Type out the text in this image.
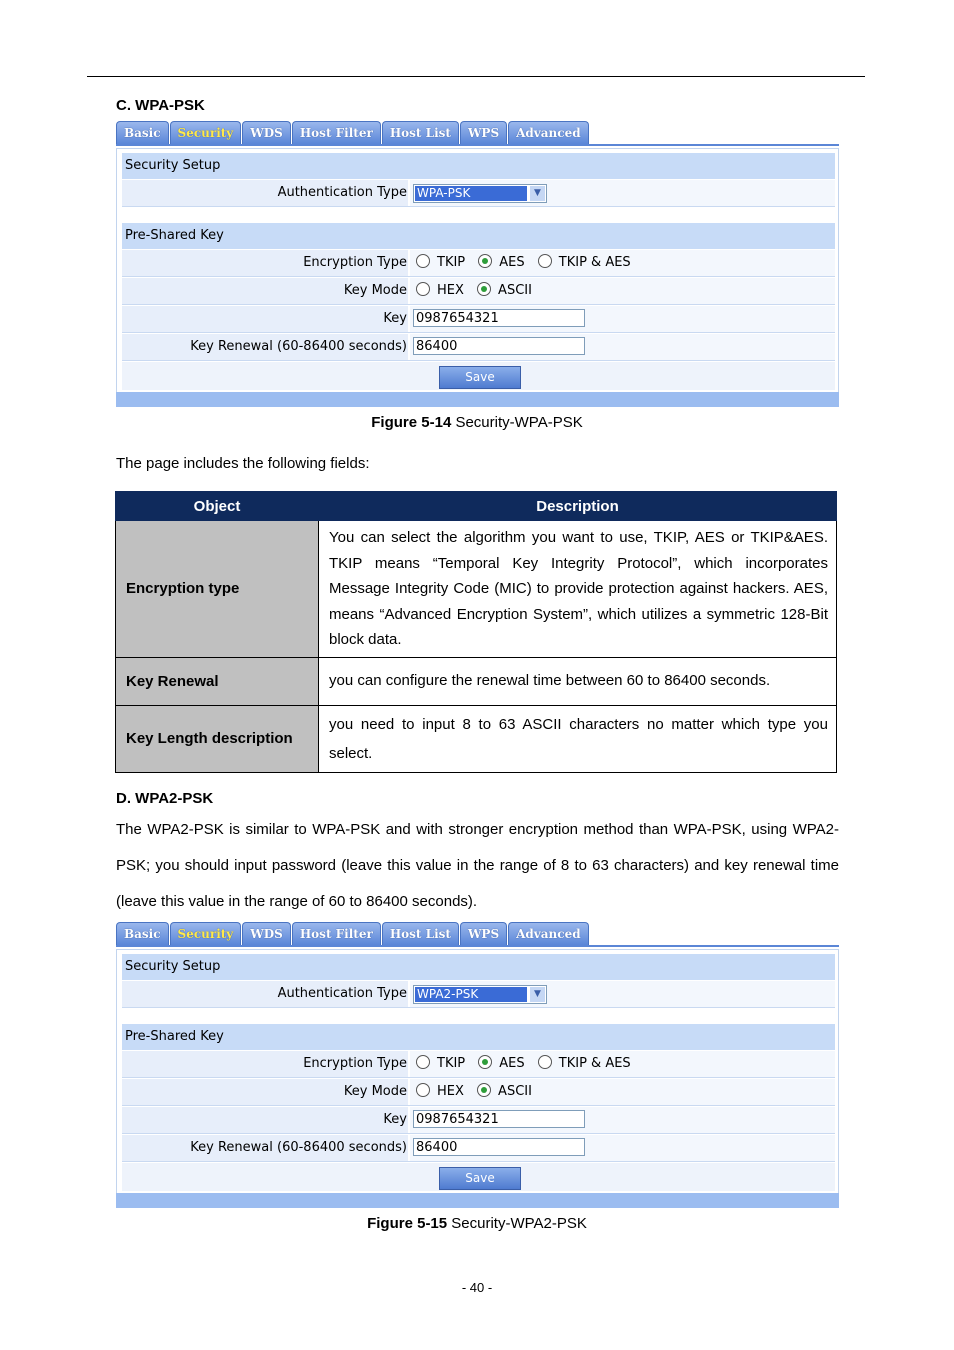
C. WPA-PSK
Basic	Security	WDS	Host Filter	Host List	WPS	Advanced
Security Setup
Authentication Type WPA-PSK	▼
Pre-Shared Key
Encryption Type	TKIP	AES	TKIP & AES
Key Mode	HEX	ASCII
Key 0987654321
Key Renewal (60-86400 seconds) 86400
Save
Figure 5-14 Security-WPA-PSK
The page includes the following fields:
Object	Description
Encryption type	You can select the algorithm you want to use, TKIP, AES or TKIP&AES. TKIP means “Temporal Key Integrity Protocol”, which incorporates Message Integrity Code (MIC) to provide protection against hackers. AES, means “Advanced Encryption System”, which utilizes a symmetric 128-Bit block data.
Key Renewal	you can configure the renewal time between 60 to 86400 seconds.
Key Length description	you need to input 8 to 63 ASCII characters no matter which type you select.
D. WPA2-PSK
The WPA2-PSK is similar to WPA-PSK and with stronger encryption method than WPA-PSK, using WPA2-PSK; you should input password (leave this value in the range of 8 to 63 characters) and key renewal time (leave this value in the range of 60 to 86400 seconds).
Basic	Security	WDS	Host Filter	Host List	WPS	Advanced
Security Setup
Authentication Type WPA2-PSK	▼
Pre-Shared Key
Encryption Type	TKIP	AES	TKIP & AES
Key Mode	HEX	ASCII
Key 0987654321
Key Renewal (60-86400 seconds) 86400
Save
Figure 5-15 Security-WPA2-PSK
- 40 -
